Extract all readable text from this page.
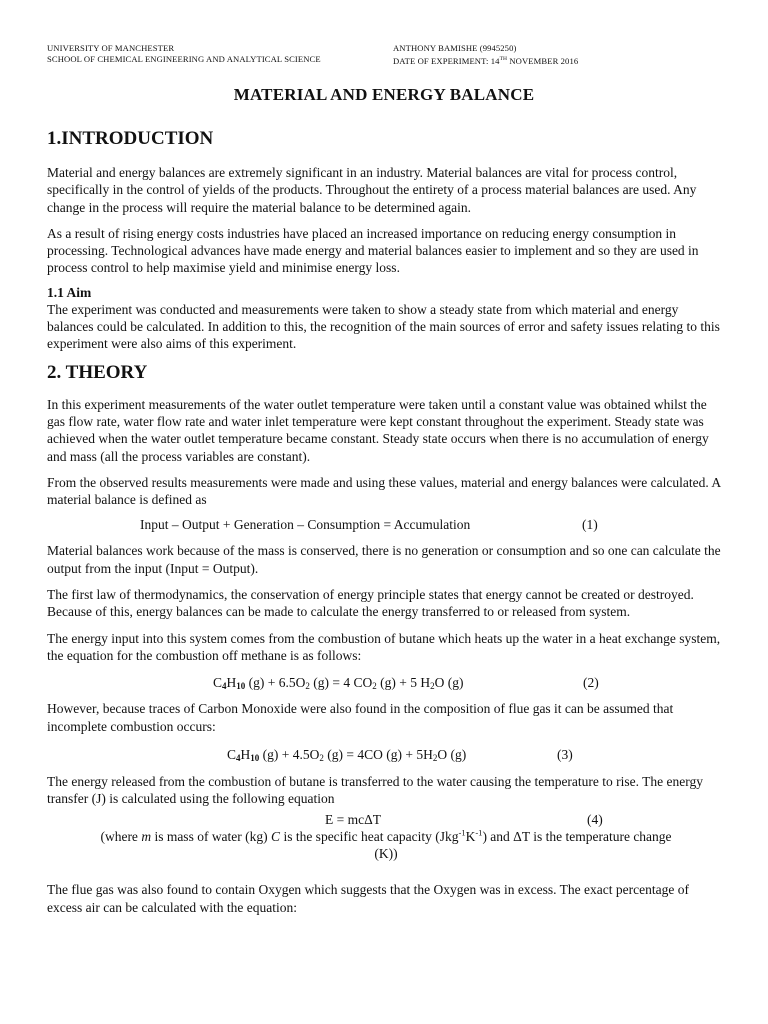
UNIVERSITY OF MANCHESTER
SCHOOL OF CHEMICAL ENGINEERING AND ANALYTICAL SCIENCE
ANTHONY BAMISHE (9945250)
DATE OF EXPERIMENT: 14TH NOVEMBER 2016
MATERIAL AND ENERGY BALANCE
1.INTRODUCTION

Material and energy balances are extremely significant in an industry. Material balances are vital for process control, specifically in the control of yields of the products. Throughout the entirety of a process material balances are used. Any change in the process will require the material balance to be determined again.

As a result of rising energy costs industries have placed an increased importance on reducing energy consumption in processing. Technological advances have made energy and material balances easier to implement and so they are used in process control to help maximise yield and minimise energy loss.

1.1 Aim

The experiment was conducted and measurements were taken to show a steady state from which material and energy balances could be calculated. In addition to this, the recognition of the main sources of error and safety issues relating to this experiment were also aims of this experiment.

2. THEORY

In this experiment measurements of the water outlet temperature were taken until a constant value was obtained whilst the gas flow rate, water flow rate and water inlet temperature were kept constant throughout the experiment. Steady state was achieved when the water outlet temperature became constant. Steady state occurs when there is no accumulation of energy and mass (all the process variables are constant).

From the observed results measurements were made and using these values, material and energy balances were calculated. A material balance is defined as

Input – Output + Generation – Consumption = Accumulation	(1)

Material balances work because of the mass is conserved, there is no generation or consumption and so one can calculate the output from the input (Input = Output).

The first law of thermodynamics, the conservation of energy principle states that energy cannot be created or destroyed. Because of this, energy balances can be made to calculate the energy transferred to or released from system.

The energy input into this system comes from the combustion of butane which heats up the water in a heat exchange system, the equation for the combustion off methane is as follows:

$C_4H_{10}$ $(g) + 6.5O_2$ (g) = 4 $CO_2$ (g) + 5 $H_2O$ (g)	(2)

However, because traces of Carbon Monoxide were also found in the composition of flue gas it can be assumed that incomplete combustion occurs:

$C_4H_{10}$ $(g) + 4.5O_2$ (g) = 4CO $(g) + 5H_2O$ (g)	(3)

The energy released from the combustion of butane is transferred to the water causing the temperature to rise. The energy transfer (J) is calculated using the following equation

E = mcΔT	(4)
(where m is mass of water (kg) C is the specific heat capacity $(Jkg^{-1}K^{-1})$ and ΔT is the temperature change
(K))

The flue gas was also found to contain Oxygen which suggests that the Oxygen was in excess. The exact percentage of excess air can be calculated with the equation:
